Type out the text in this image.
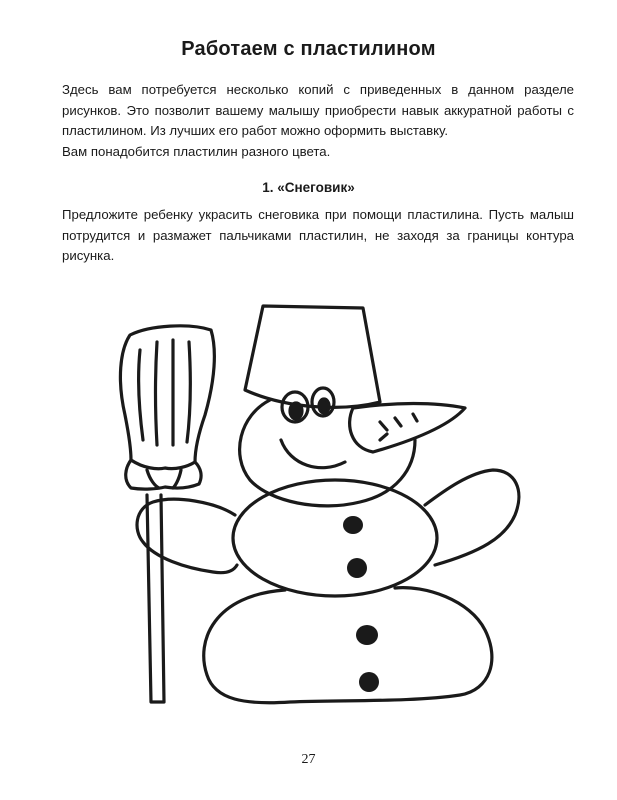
Работаем с пластилином

Здесь вам потребуется несколько копий с приведенных в данном разделе рисунков. Это позволит вашему малышу приобрести навык аккуратной работы с пластилином. Из лучших его работ можно оформить выставку.

Вам понадобится пластилин разного цвета.

1. «Снеговик»

Предложите ребенку украсить снеговика при помощи пластилина. Пусть малыш потрудится и размажет пальчиками пластилин, не заходя за границы контура рисунка.

27
